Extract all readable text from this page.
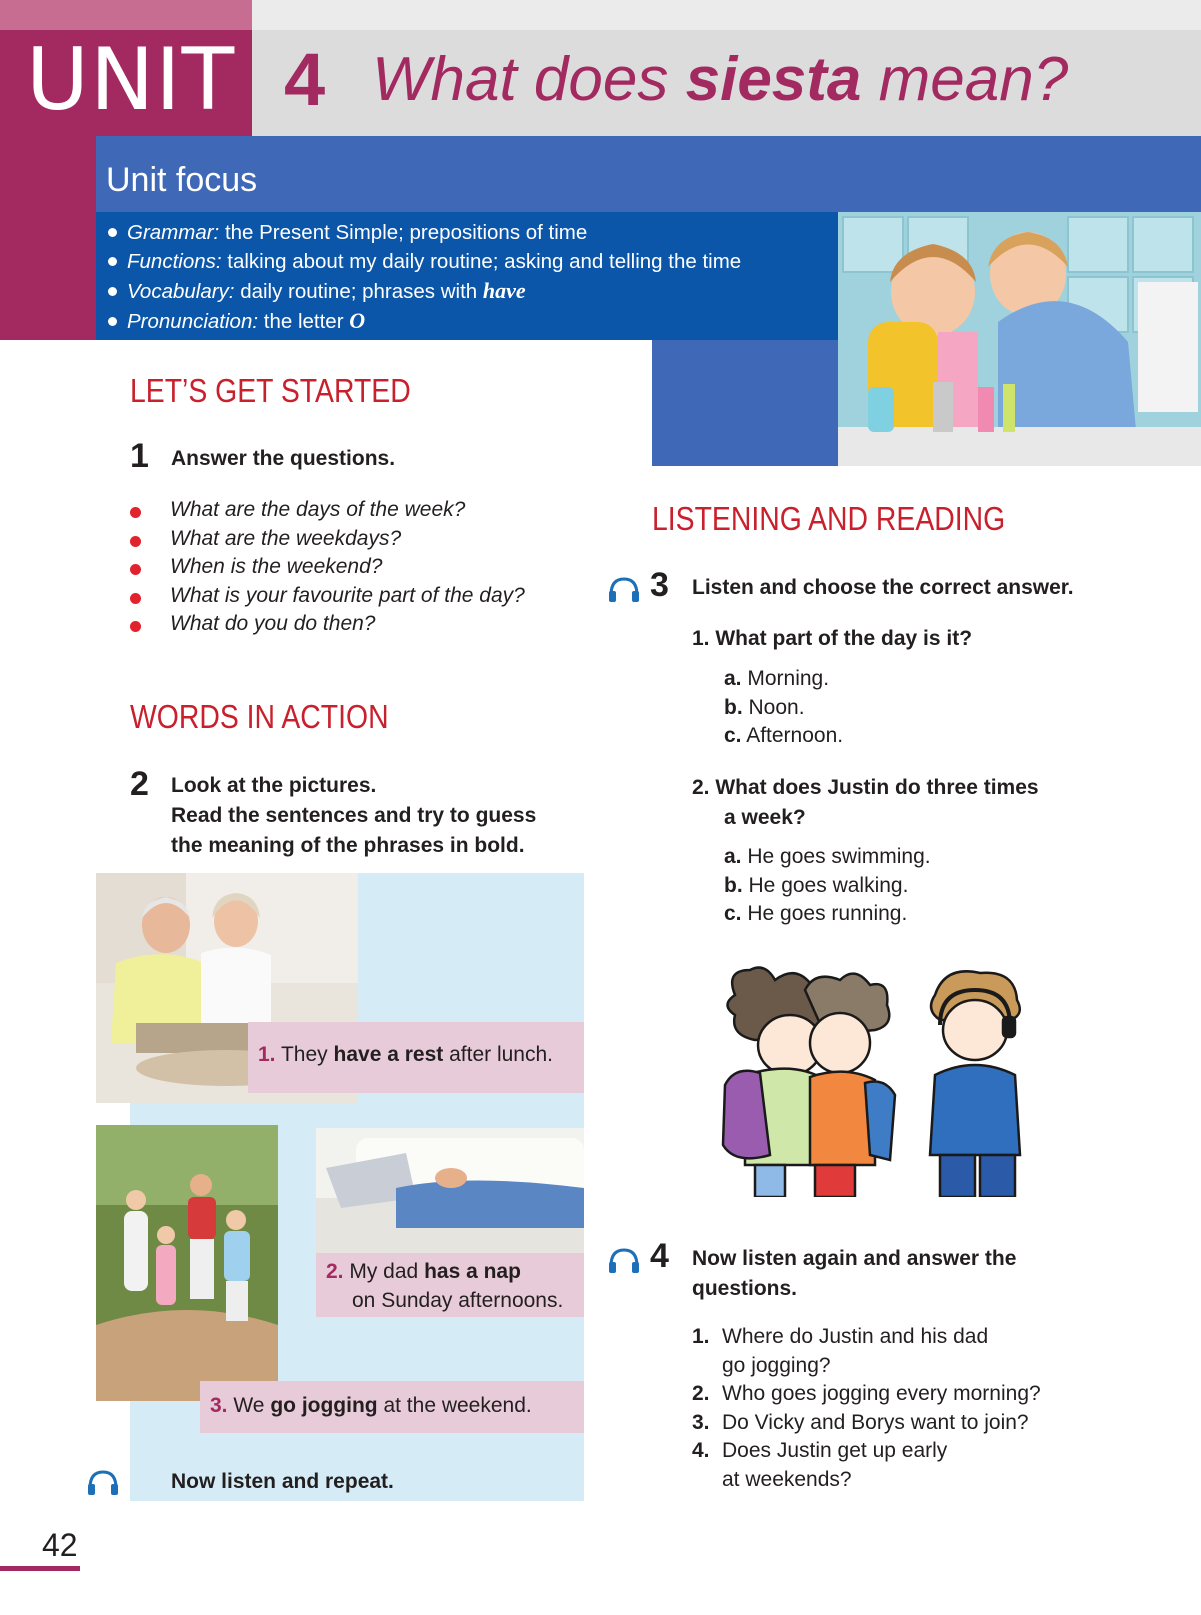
UNIT 4 What does siesta mean?
Unit focus
Grammar: the Present Simple; prepositions of time
Functions: talking about my daily routine; asking and telling the time
Vocabulary: daily routine; phrases with have
Pronunciation: the letter O
LET’S GET STARTED
1 Answer the questions.
What are the days of the week?
What are the weekdays?
When is the weekend?
What is your favourite part of the day?
What do you do then?
WORDS IN ACTION
2 Look at the pictures.
Read the sentences and try to guess
the meaning of the phrases in bold.
1. They have a rest after lunch.
2. My dad has a nap
on Sunday afternoons.
3. We go jogging at the weekend.
Now listen and repeat.
LISTENING AND READING
3 Listen and choose the correct answer.
1. What part of the day is it?
a. Morning.
b. Noon.
c. Afternoon.
2. What does Justin do three times
a week?
a. He goes swimming.
b. He goes walking.
c. He goes running.
4 Now listen again and answer the
questions.
1. Where do Justin and his dad
go jogging?
2. Who goes jogging every morning?
3. Do Vicky and Borys want to join?
4. Does Justin get up early
at weekends?
42
